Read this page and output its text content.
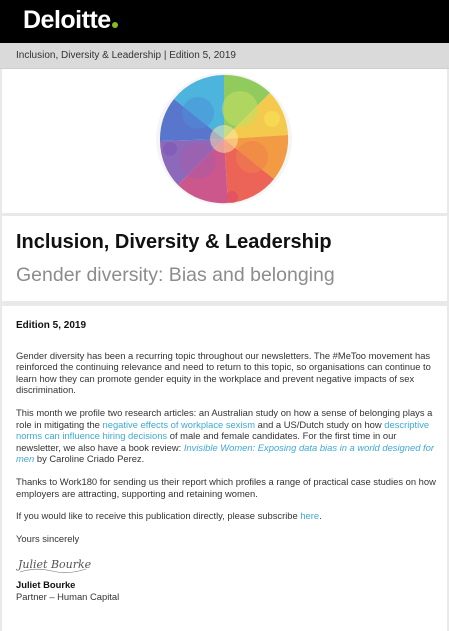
Deloitte
Inclusion, Diversity & Leadership | Edition 5, 2019
Inclusion, Diversity & Leadership
Gender diversity: Bias and belonging
Edition 5, 2019

Gender diversity has been a recurring topic throughout our newsletters. The #MeToo movement has reinforced the continuing relevance and need to return to this topic, so organisations can continue to learn how they can promote gender equity in the workplace and prevent negative impacts of sex discrimination.

This month we profile two research articles: an Australian study on how a sense of belonging plays a role in mitigating the negative effects of workplace sexism and a US/Dutch study on how descriptive norms can influence hiring decisions of male and female candidates. For the first time in our newsletter, we also have a book review: Invisible Women: Exposing data bias in a world designed for men by Caroline Criado Perez.

Thanks to Work180 for sending us their report which profiles a range of practical case studies on how employers are attracting, supporting and retaining women.

If you would like to receive this publication directly, please subscribe here.

Yours sincerely

Juliet Bourke
Juliet Bourke
Partner – Human Capital
